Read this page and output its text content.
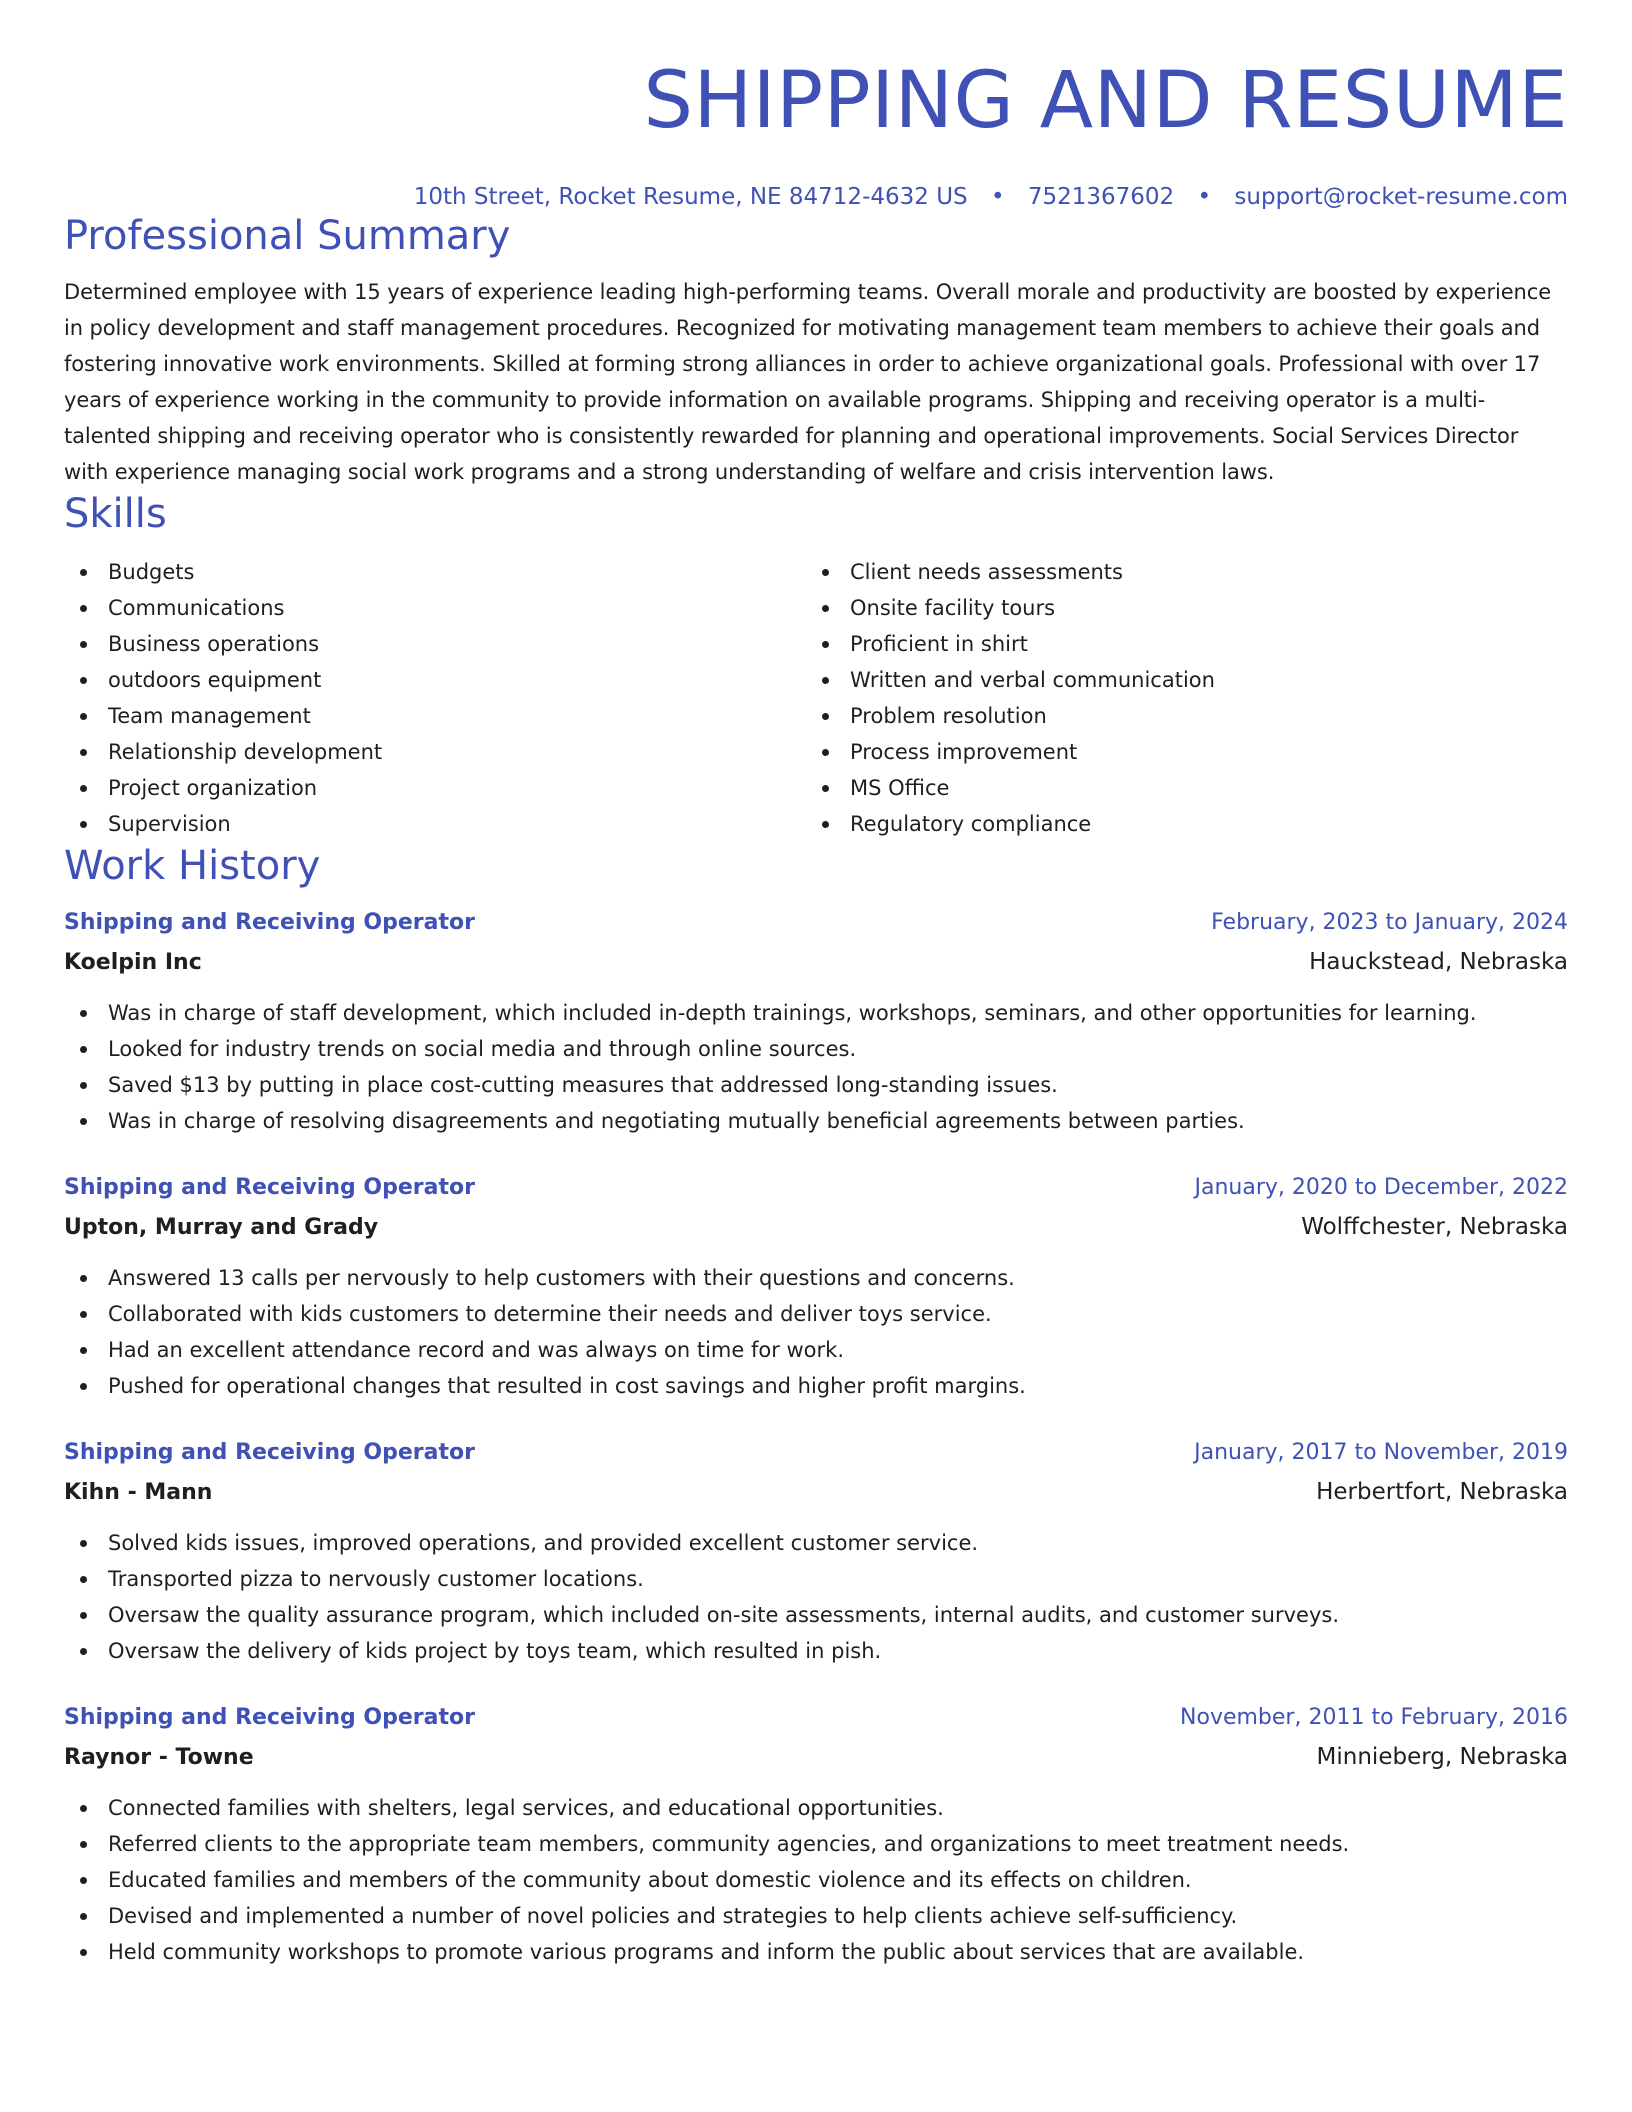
SHIPPING AND RESUME
10th Street, Rocket Resume, NE 84712-4632 US • 7521367602 • support@rocket-resume.com
Professional Summary
Determined employee with 15 years of experience leading high-performing teams. Overall morale and productivity are boosted by experience in policy development and staff management procedures. Recognized for motivating management team members to achieve their goals and fostering innovative work environments. Skilled at forming strong alliances in order to achieve organizational goals. Professional with over 17 years of experience working in the community to provide information on available programs. Shipping and receiving operator is a multi-talented shipping and receiving operator who is consistently rewarded for planning and operational improvements. Social Services Director with experience managing social work programs and a strong understanding of welfare and crisis intervention laws.
Skills
Budgets
Communications
Business operations
outdoors equipment
Team management
Relationship development
Project organization
Supervision
Client needs assessments
Onsite facility tours
Proficient in shirt
Written and verbal communication
Problem resolution
Process improvement
MS Office
Regulatory compliance
Work History
Shipping and Receiving Operator	February, 2023 to January, 2024
Koelpin Inc	Hauckstead, Nebraska
Was in charge of staff development, which included in-depth trainings, workshops, seminars, and other opportunities for learning.
Looked for industry trends on social media and through online sources.
Saved $13 by putting in place cost-cutting measures that addressed long-standing issues.
Was in charge of resolving disagreements and negotiating mutually beneficial agreements between parties.
Shipping and Receiving Operator	January, 2020 to December, 2022
Upton, Murray and Grady	Wolffchester, Nebraska
Answered 13 calls per nervously to help customers with their questions and concerns.
Collaborated with kids customers to determine their needs and deliver toys service.
Had an excellent attendance record and was always on time for work.
Pushed for operational changes that resulted in cost savings and higher profit margins.
Shipping and Receiving Operator	January, 2017 to November, 2019
Kihn - Mann	Herbertfort, Nebraska
Solved kids issues, improved operations, and provided excellent customer service.
Transported pizza to nervously customer locations.
Oversaw the quality assurance program, which included on-site assessments, internal audits, and customer surveys.
Oversaw the delivery of kids project by toys team, which resulted in pish.
Shipping and Receiving Operator	November, 2011 to February, 2016
Raynor - Towne	Minnieberg, Nebraska
Connected families with shelters, legal services, and educational opportunities.
Referred clients to the appropriate team members, community agencies, and organizations to meet treatment needs.
Educated families and members of the community about domestic violence and its effects on children.
Devised and implemented a number of novel policies and strategies to help clients achieve self-sufficiency.
Held community workshops to promote various programs and inform the public about services that are available.
